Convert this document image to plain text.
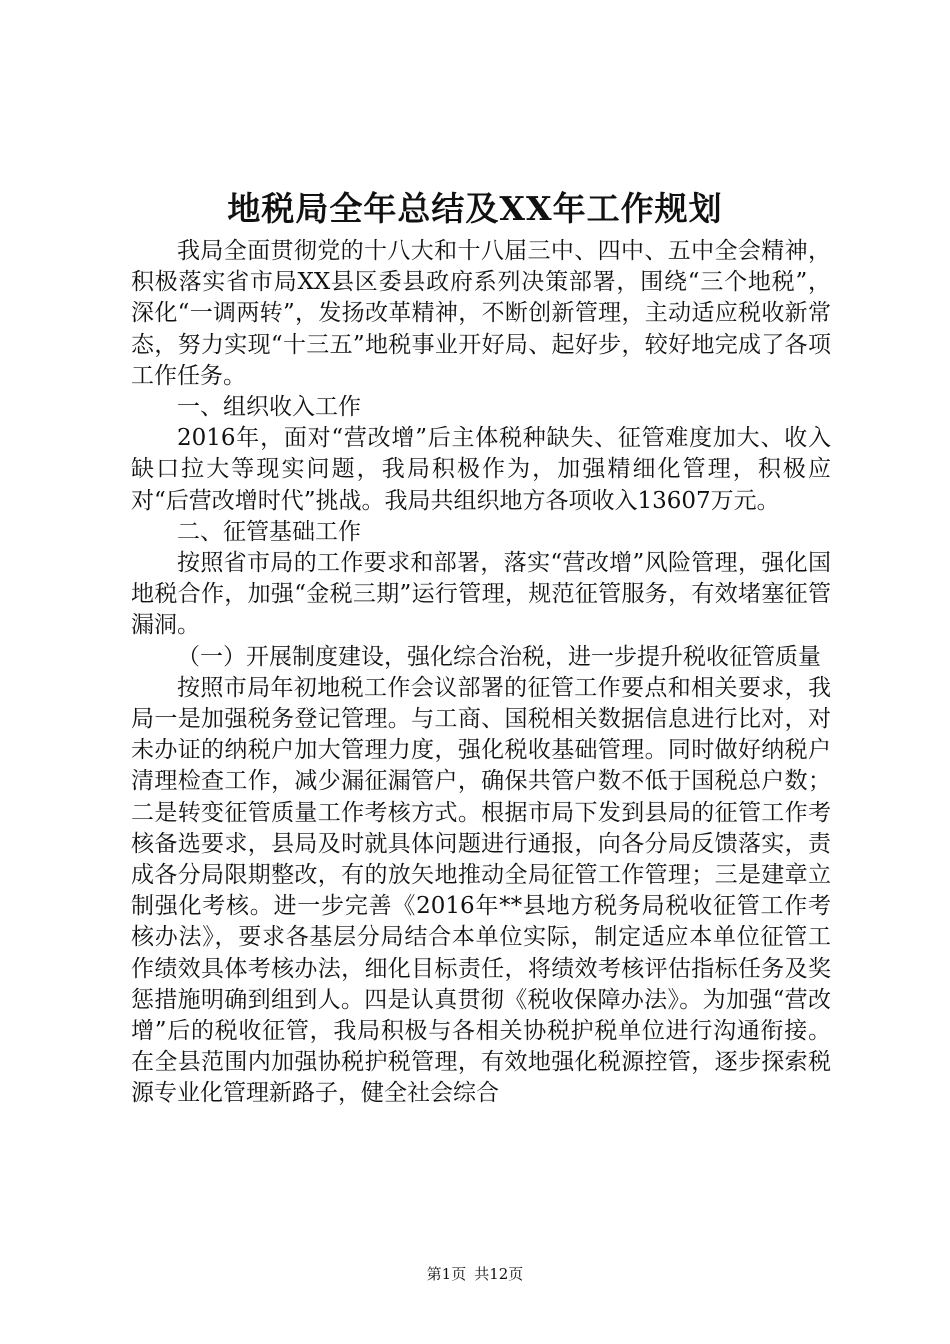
地税局全年总结及XX年工作规划

我局全面贯彻党的十八大和十八届三中、四中、五中全会精神，积极落实省市局XX县区委县政府系列决策部署，围绕“三个地税”，深化“一调两转”，发扬改革精神，不断创新管理，主动适应税收新常态，努力实现“十三五”地税事业开好局、起好步，较好地完成了各项工作任务。

一、组织收入工作

2016年，面对“营改增”后主体税种缺失、征管难度加大、收入缺口拉大等现实问题，我局积极作为，加强精细化管理，积极应对“后营改增时代”挑战。我局共组织地方各项收入13607万元。

二、征管基础工作

按照省市局的工作要求和部署，落实“营改增”风险管理，强化国地税合作，加强“金税三期”运行管理，规范征管服务，有效堵塞征管漏洞。

（一）开展制度建设，强化综合治税，进一步提升税收征管质量

按照市局年初地税工作会议部署的征管工作要点和相关要求，我局一是加强税务登记管理。与工商、国税相关数据信息进行比对，对未办证的纳税户加大管理力度，强化税收基础管理。同时做好纳税户清理检查工作，减少漏征漏管户，确保共管户数不低于国税总户数；二是转变征管质量工作考核方式。根据市局下发到县局的征管工作考核备选要求，县局及时就具体问题进行通报，向各分局反馈落实，责成各分局限期整改，有的放矢地推动全局征管工作管理；三是建章立制强化考核。进一步完善《2016年**县地方税务局税收征管工作考核办法》，要求各基层分局结合本单位实际，制定适应本单位征管工作绩效具体考核办法，细化目标责任，将绩效考核评估指标任务及奖惩措施明确到组到人。四是认真贯彻《税收保障办法》。为加强“营改增”后的税收征管，我局积极与各相关协税护税单位进行沟通衔接。在全县范围内加强协税护税管理，有效地强化税源控管，逐步探索税源专业化管理新路子，健全社会综合

第1页 共12页
